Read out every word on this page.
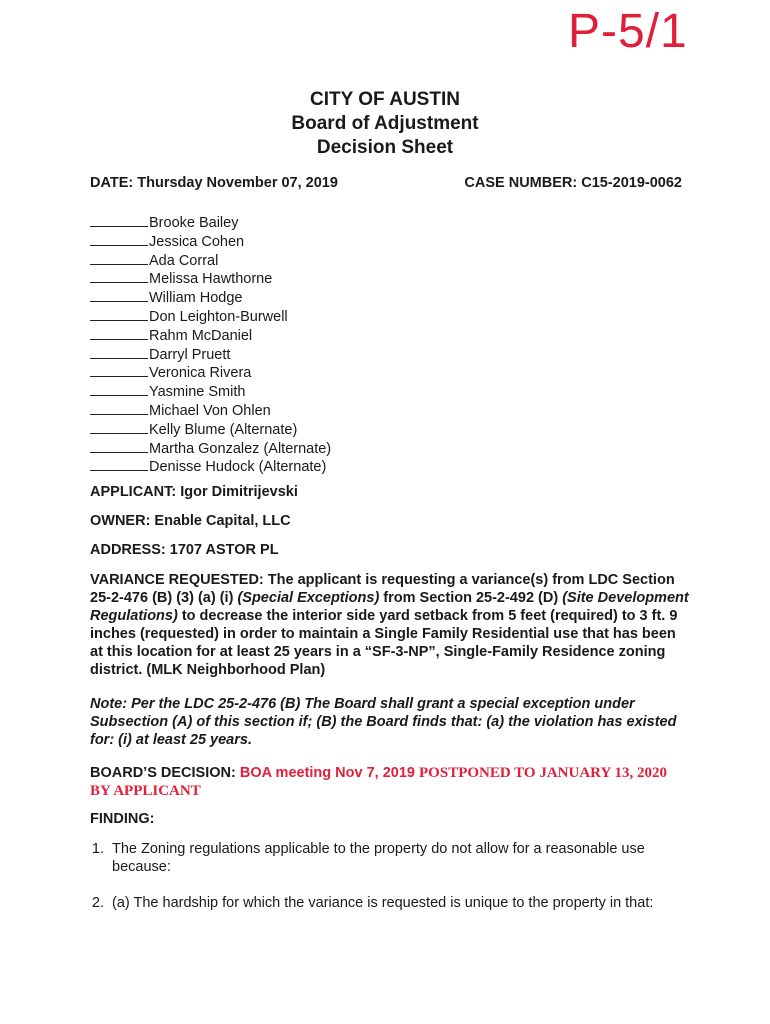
P-5/1
CITY OF AUSTIN
Board of Adjustment
Decision Sheet
DATE: Thursday November 07, 2019	CASE NUMBER: C15-2019-0062
Brooke Bailey
Jessica Cohen
Ada Corral
Melissa Hawthorne
William Hodge
Don Leighton-Burwell
Rahm McDaniel
Darryl Pruett
Veronica Rivera
Yasmine Smith
Michael Von Ohlen
Kelly Blume (Alternate)
Martha Gonzalez (Alternate)
Denisse Hudock (Alternate)
APPLICANT: Igor Dimitrijevski
OWNER: Enable Capital, LLC
ADDRESS: 1707 ASTOR PL
VARIANCE REQUESTED: The applicant is requesting a variance(s) from LDC Section 25-2-476 (B) (3) (a) (i) (Special Exceptions) from Section 25-2-492 (D) (Site Development Regulations) to decrease the interior side yard setback from 5 feet (required) to 3 ft. 9 inches (requested) in order to maintain a Single Family Residential use that has been at this location for at least 25 years in a “SF-3-NP”, Single-Family Residence zoning district. (MLK Neighborhood Plan)
Note: Per the LDC 25-2-476 (B) The Board shall grant a special exception under Subsection (A) of this section if; (B) the Board finds that: (a) the violation has existed for: (i) at least 25 years.
BOARD’S DECISION: BOA meeting Nov 7, 2019 POSTPONED TO JANUARY 13, 2020 BY APPLICANT
FINDING:
1. The Zoning regulations applicable to the property do not allow for a reasonable use because:
2. (a) The hardship for which the variance is requested is unique to the property in that:
